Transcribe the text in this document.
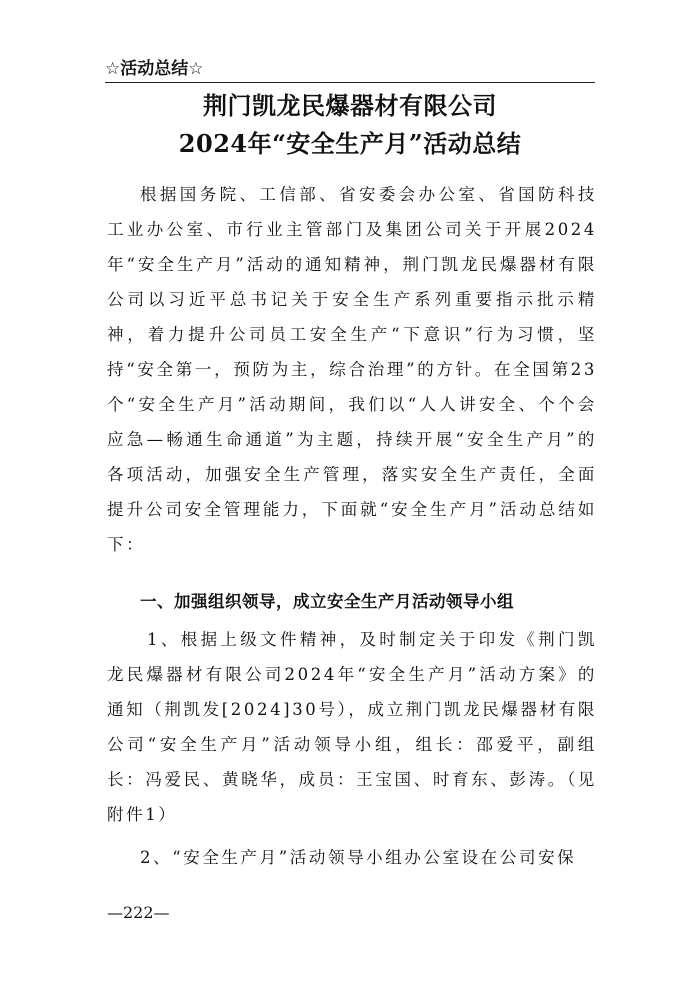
☆活动总结☆
荆门凯龙民爆器材有限公司
2024年“安全生产月”活动总结

根据国务院、工信部、省安委会办公室、省国防科技工业办公室、市行业主管部门及集团公司关于开展2024年“安全生产月”活动的通知精神，荆门凯龙民爆器材有限公司以习近平总书记关于安全生产系列重要指示批示精神，着力提升公司员工安全生产“下意识”行为习惯，坚持“安全第一，预防为主，综合治理”的方针。在全国第23个“安全生产月”活动期间，我们以“人人讲安全、个个会应急—畅通生命通道”为主题，持续开展“安全生产月”的各项活动，加强安全生产管理，落实安全生产责任，全面提升公司安全管理能力，下面就“安全生产月”活动总结如下：

一、加强组织领导，成立安全生产月活动领导小组

1、根据上级文件精神，及时制定关于印发《荆门凯龙民爆器材有限公司2024年“安全生产月”活动方案》的通知（荆凯发[2024]30号），成立荆门凯龙民爆器材有限公司“安全生产月”活动领导小组，组长：邵爱平，副组长：冯爱民、黄晓华，成员：王宝国、时育东、彭涛。（见附件1）

2、“安全生产月”活动领导小组办公室设在公司安保

—222—
